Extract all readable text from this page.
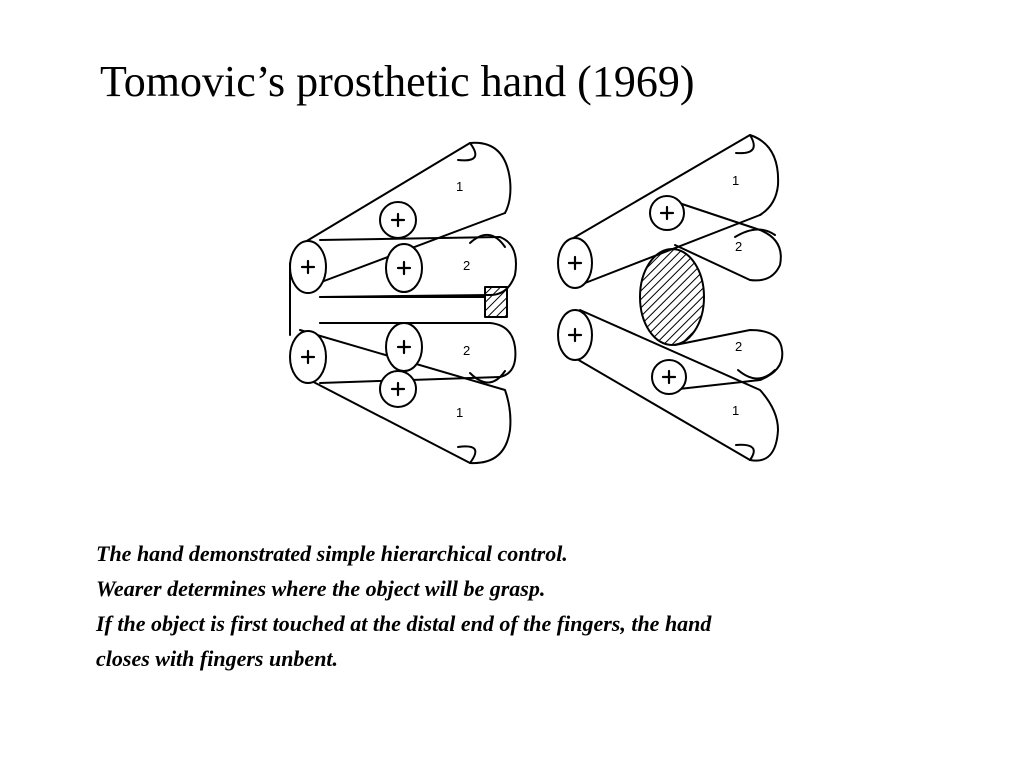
Tomovic’s prosthetic hand (1969)
1
2
2
1
1
2
2
1
The hand demonstrated simple hierarchical control.
Wearer determines where the object will be grasp.
If the object is first touched at the distal end of the fingers, the hand
closes with fingers unbent.
